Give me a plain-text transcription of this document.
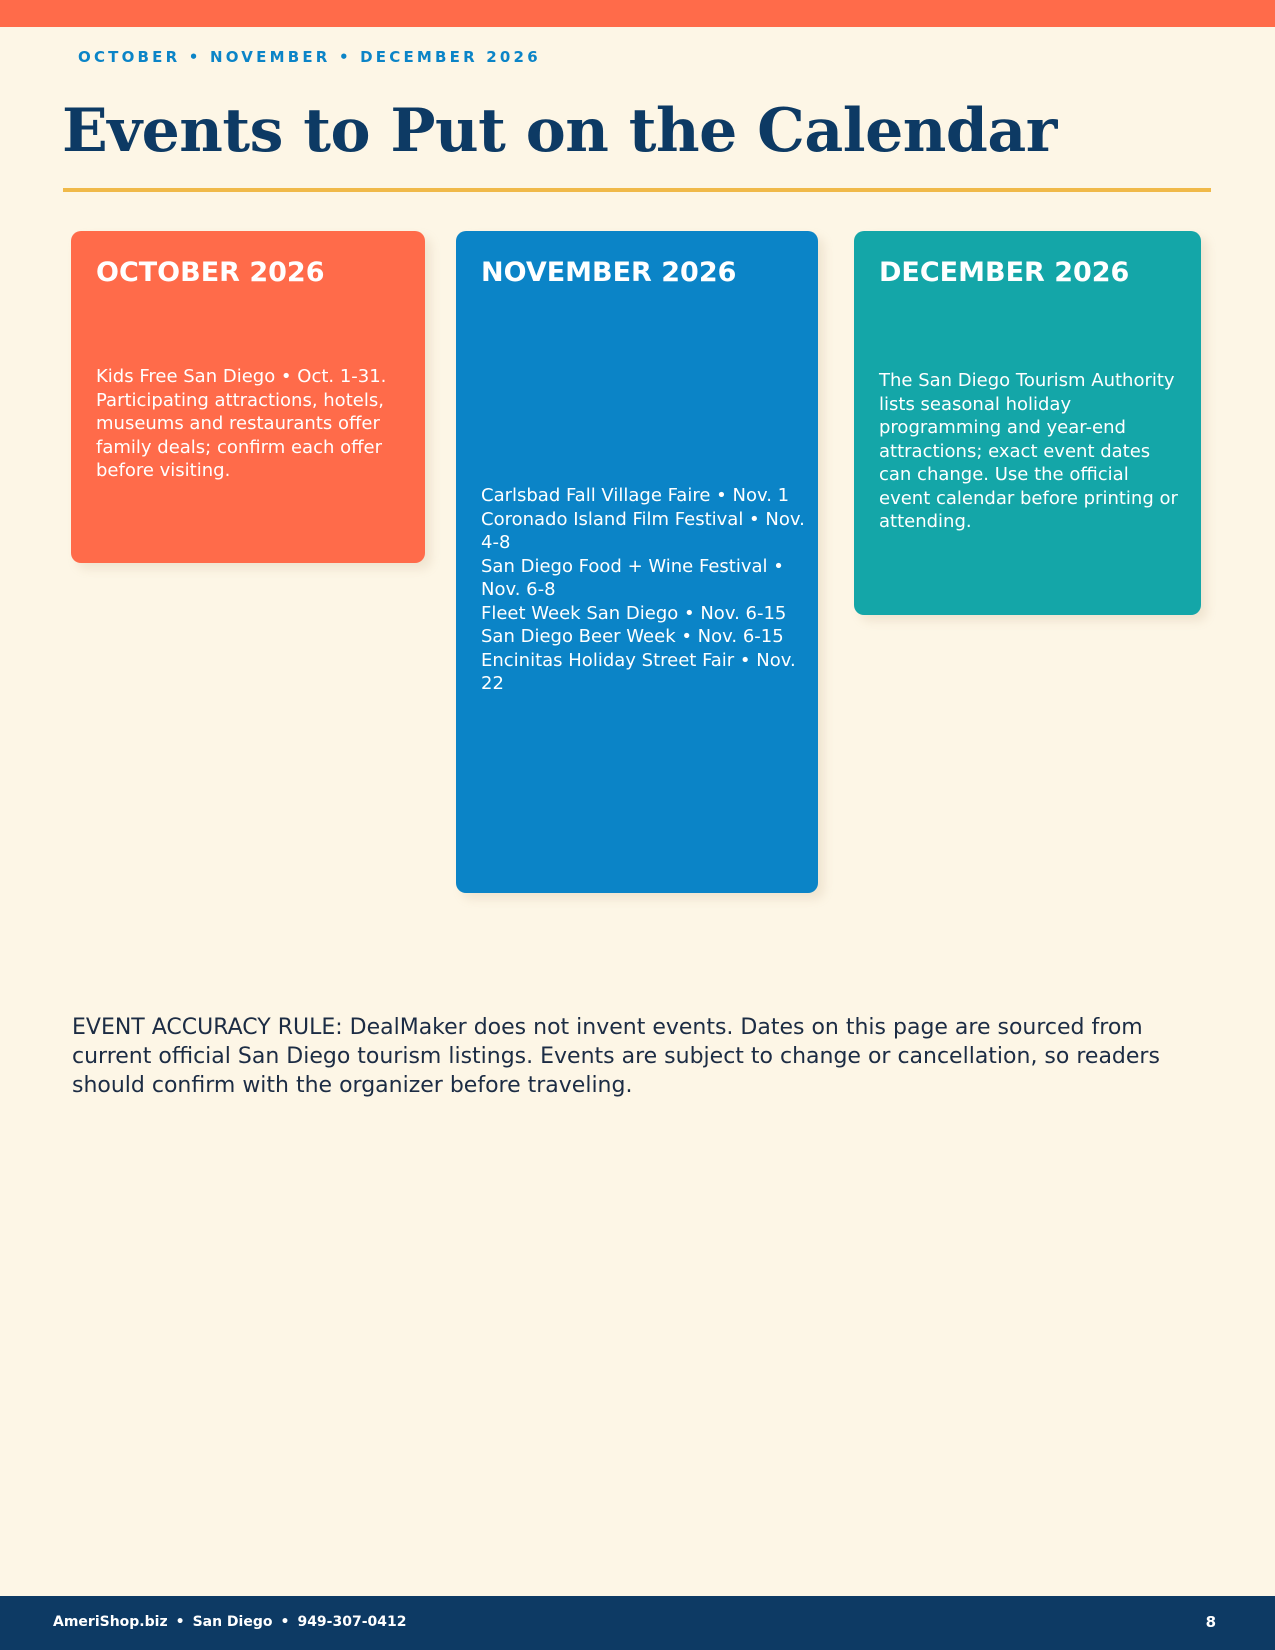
OCTOBER • NOVEMBER • DECEMBER 2026
Events to Put on the Calendar
OCTOBER 2026

Kids Free San Diego • Oct. 1-31. Participating attractions, hotels, museums and restaurants offer family deals; confirm each offer before visiting.

NOVEMBER 2026
Carlsbad Fall Village Faire • Nov. 1
Coronado Island Film Festival • Nov. 4-8
San Diego Food + Wine Festival • Nov. 6-8
Fleet Week San Diego • Nov. 6-15
San Diego Beer Week • Nov. 6-15
Encinitas Holiday Street Fair • Nov. 22
DECEMBER 2026

The San Diego Tourism Authority lists seasonal holiday programming and year-end attractions; exact event dates can change. Use the official event calendar before printing or attending.

EVENT ACCURACY RULE: DealMaker does not invent events. Dates on this page are sourced from current official San Diego tourism listings. Events are subject to change or cancellation, so readers should confirm with the organizer before traveling.

AmeriShop.biz • San Diego • 949-307-0412	8
